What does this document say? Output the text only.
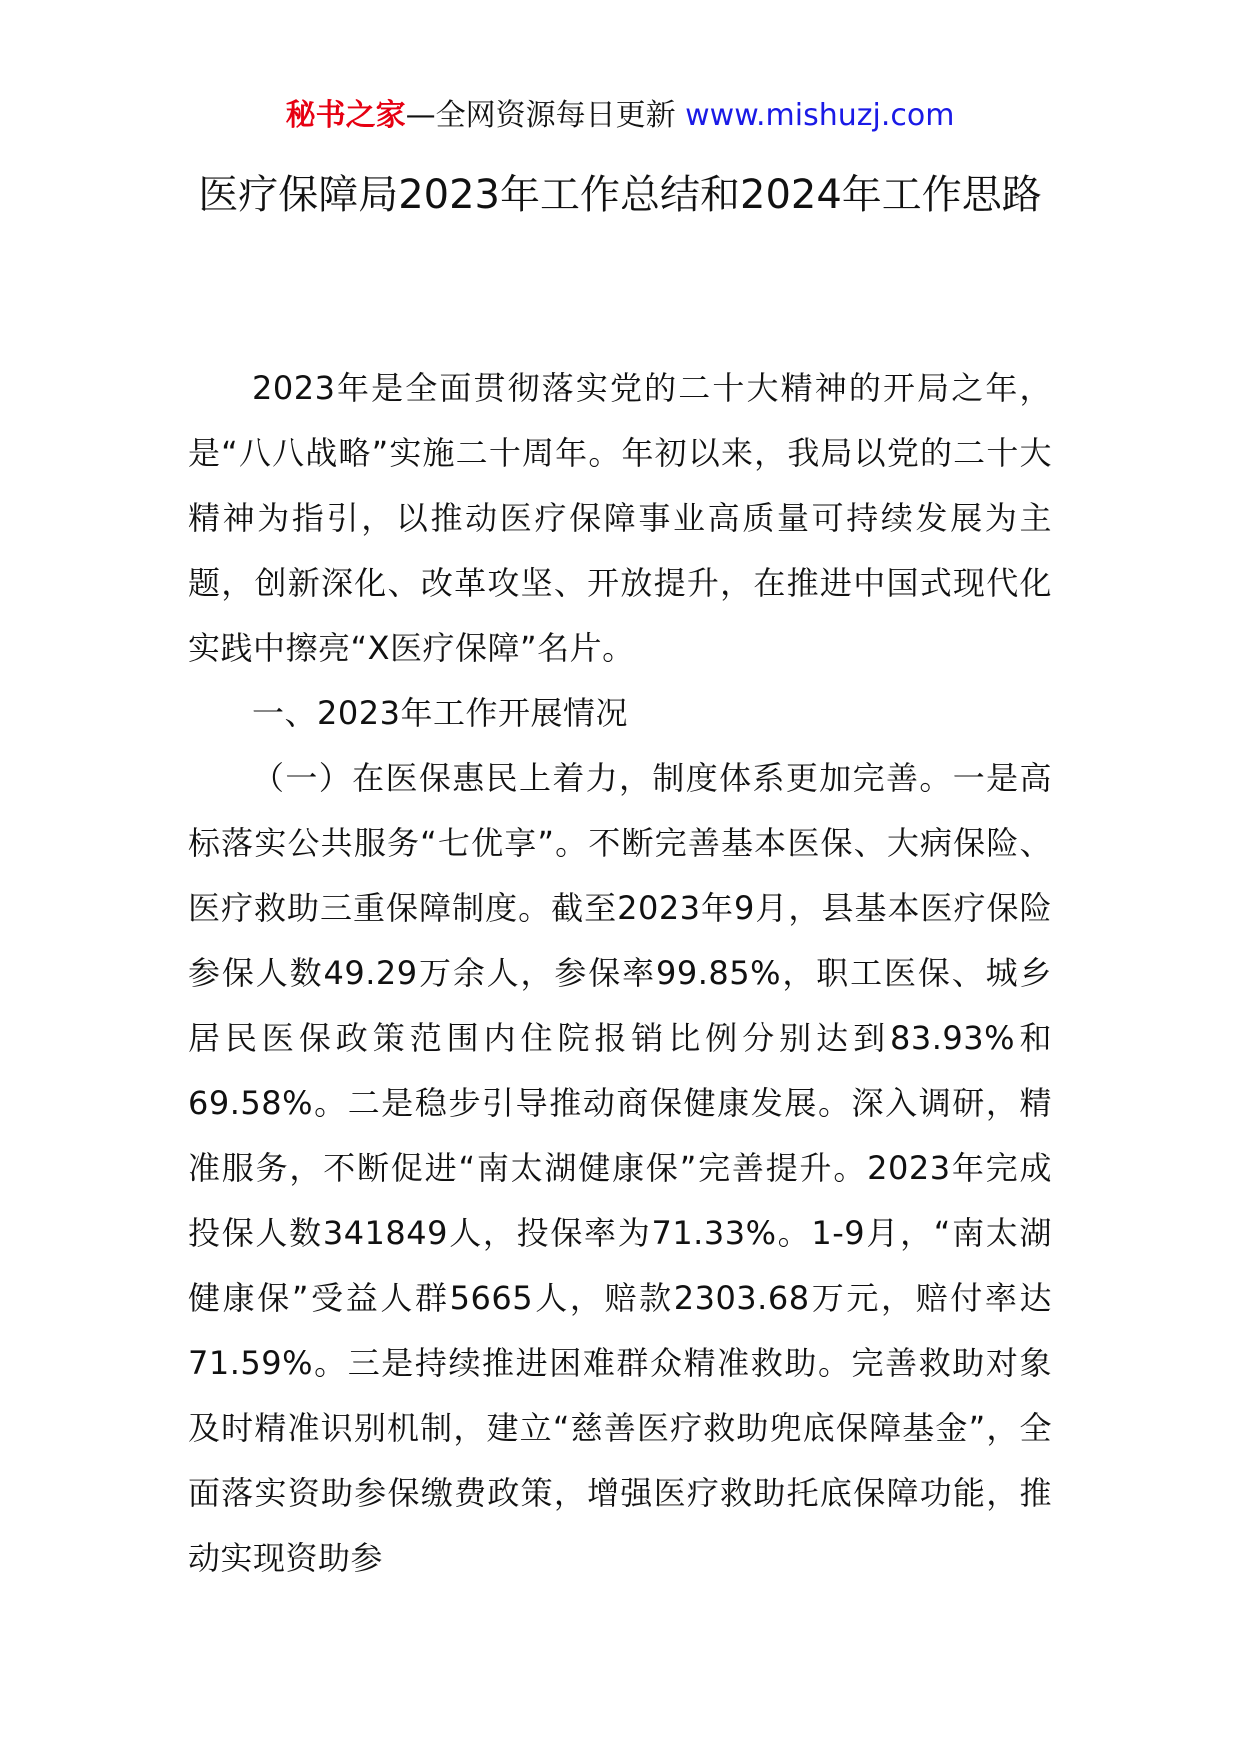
秘书之家—全网资源每日更新 www.mishuzj.com
医疗保障局2023年工作总结和2024年工作思路

2023年是全面贯彻落实党的二十大精神的开局之年，是“八八战略”实施二十周年。年初以来，我局以党的二十大精神为指引，以推动医疗保障事业高质量可持续发展为主题，创新深化、改革攻坚、开放提升，在推进中国式现代化实践中擦亮“X医疗保障”名片。

一、2023年工作开展情况

（一）在医保惠民上着力，制度体系更加完善。一是高标落实公共服务“七优享”。不断完善基本医保、大病保险、医疗救助三重保障制度。截至2023年9月，县基本医疗保险参保人数49.29万余人，参保率99.85%，职工医保、城乡居民医保政策范围内住院报销比例分别达到83.93%和69.58%。二是稳步引导推动商保健康发展。深入调研，精准服务，不断促进“南太湖健康保”完善提升。2023年完成投保人数341849人，投保率为71.33%。1-9月，“南太湖健康保”受益人群5665人，赔款2303.68万元，赔付率达71.59%。三是持续推进困难群众精准救助。完善救助对象及时精准识别机制，建立“慈善医疗救助兜底保障基金”，全面落实资助参保缴费政策，增强医疗救助托底保障功能，推动实现资助参
